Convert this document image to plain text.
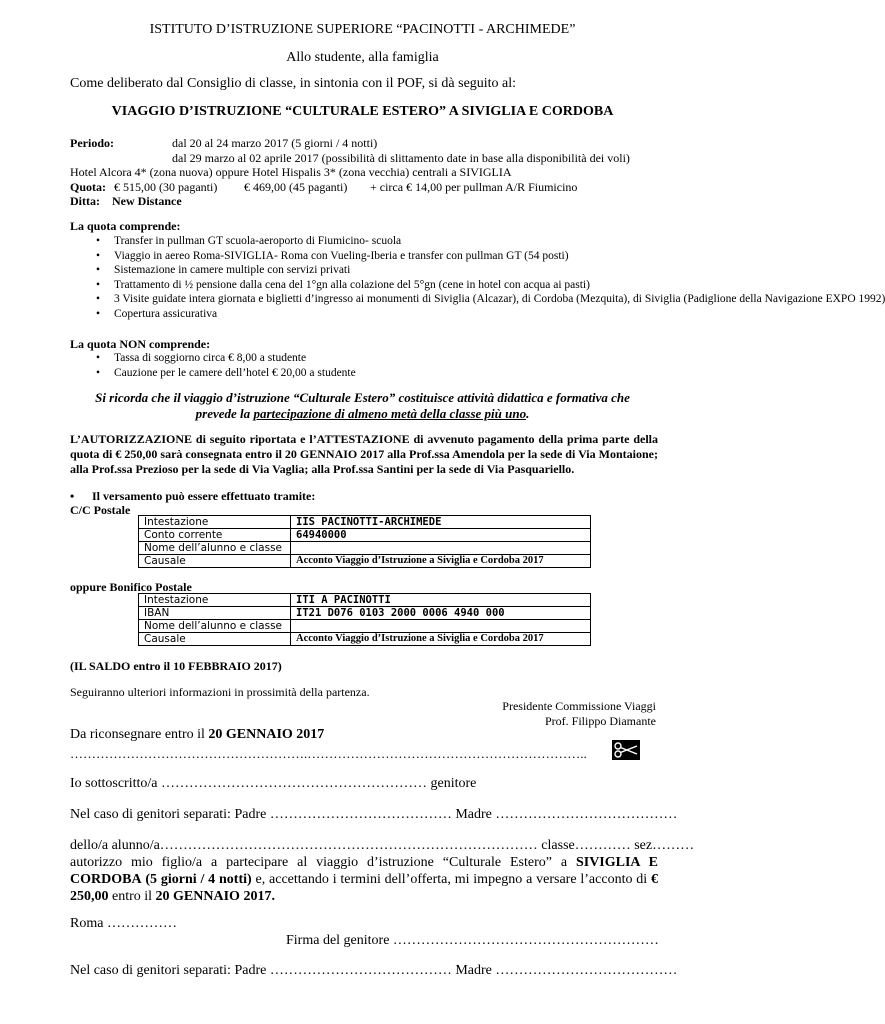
ISTITUTO D’ISTRUZIONE SUPERIORE “PACINOTTI - ARCHIMEDE”
Allo studente, alla famiglia
Come deliberato dal Consiglio di classe, in sintonia con il POF, si dà seguito al:
VIAGGIO D’ISTRUZIONE “CULTURALE ESTERO” A SIVIGLIA E CORDOBA
Periodo:	dal 20 al 24 marzo 2017 (5 giorni / 4 notti)
dal 29 marzo al 02 aprile 2017 (possibilità di slittamento date in base alla disponibilità dei voli)
Hotel Alcora 4* (zona nuova) oppure Hotel Hispalis 3* (zona vecchia) centrali a SIVIGLIA
Quota: € 515,00 (30 paganti) € 469,00 (45 paganti) + circa € 14,00 per pullman A/R Fiumicino
Ditta: New Distance
La quota comprende:
• Transfer in pullman GT scuola-aeroporto di Fiumicino- scuola
• Viaggio in aereo Roma-SIVIGLIA- Roma con Vueling-Iberia e transfer con pullman GT (54 posti)
• Sistemazione in camere multiple con servizi privati
• Trattamento di ½ pensione dalla cena del 1°gn alla colazione del 5°gn (cene in hotel con acqua ai pasti)
• 3 Visite guidate intera giornata e biglietti d’ingresso ai monumenti di Siviglia (Alcazar), di Cordoba (Mezquita), di Siviglia (Padiglione della Navigazione EXPO 1992)
• Copertura assicurativa
La quota NON comprende:
• Tassa di soggiorno circa € 8,00 a studente
• Cauzione per le camere dell’hotel € 20,00 a studente
Si ricorda che il viaggio d’istruzione “Culturale Estero” costituisce attività didattica e formativa che
prevede la partecipazione di almeno metà della classe più uno.
L’AUTORIZZAZIONE di seguito riportata e l’ATTESTAZIONE di avvenuto pagamento della prima parte della quota di € 250,00 sarà consegnata entro il 20 GENNAIO 2017 alla Prof.ssa Amendola per la sede di Via Montaione; alla Prof.ssa Prezioso per la sede di Via Vaglia; alla Prof.ssa Santini per la sede di Via Pasquariello.
• Il versamento può essere effettuato tramite:
C/C Postale
Intestazione	IIS PACINOTTI-ARCHIMEDE
Conto corrente	64940000
Nome dell’alunno e classe	
Causale	Acconto Viaggio d’Istruzione a Siviglia e Cordoba 2017
oppure Bonifico Postale
Intestazione	ITI A PACINOTTI
IBAN	IT21 D076 0103 2000 0006 4940 000
Nome dell’alunno e classe	
Causale	Acconto Viaggio d’Istruzione a Siviglia e Cordoba 2017
(IL SALDO entro il 10 FEBBRAIO 2017)
Seguiranno ulteriori informazioni in prossimità della partenza.
Presidente Commissione Viaggi
Prof. Filippo Diamante
Da riconsegnare entro il 20 GENNAIO 2017
……………………………………………….………………………………………………………..
Io sottoscritto/a ………………………………………………… genitore
Nel caso di genitori separati: Padre ………………………………… Madre …………………………………
dello/a alunno/a……………………………………………………………………… classe………… sez………
autorizzo mio figlio/a a partecipare al viaggio d’istruzione “Culturale Estero” a SIVIGLIA E CORDOBA (5 giorni / 4 notti) e, accettando i termini dell’offerta, mi impegno a versare l’acconto di € 250,00 entro il 20 GENNAIO 2017.
Roma ……………
Firma del genitore …………………………………………………
Nel caso di genitori separati: Padre ………………………………… Madre …………………………………
